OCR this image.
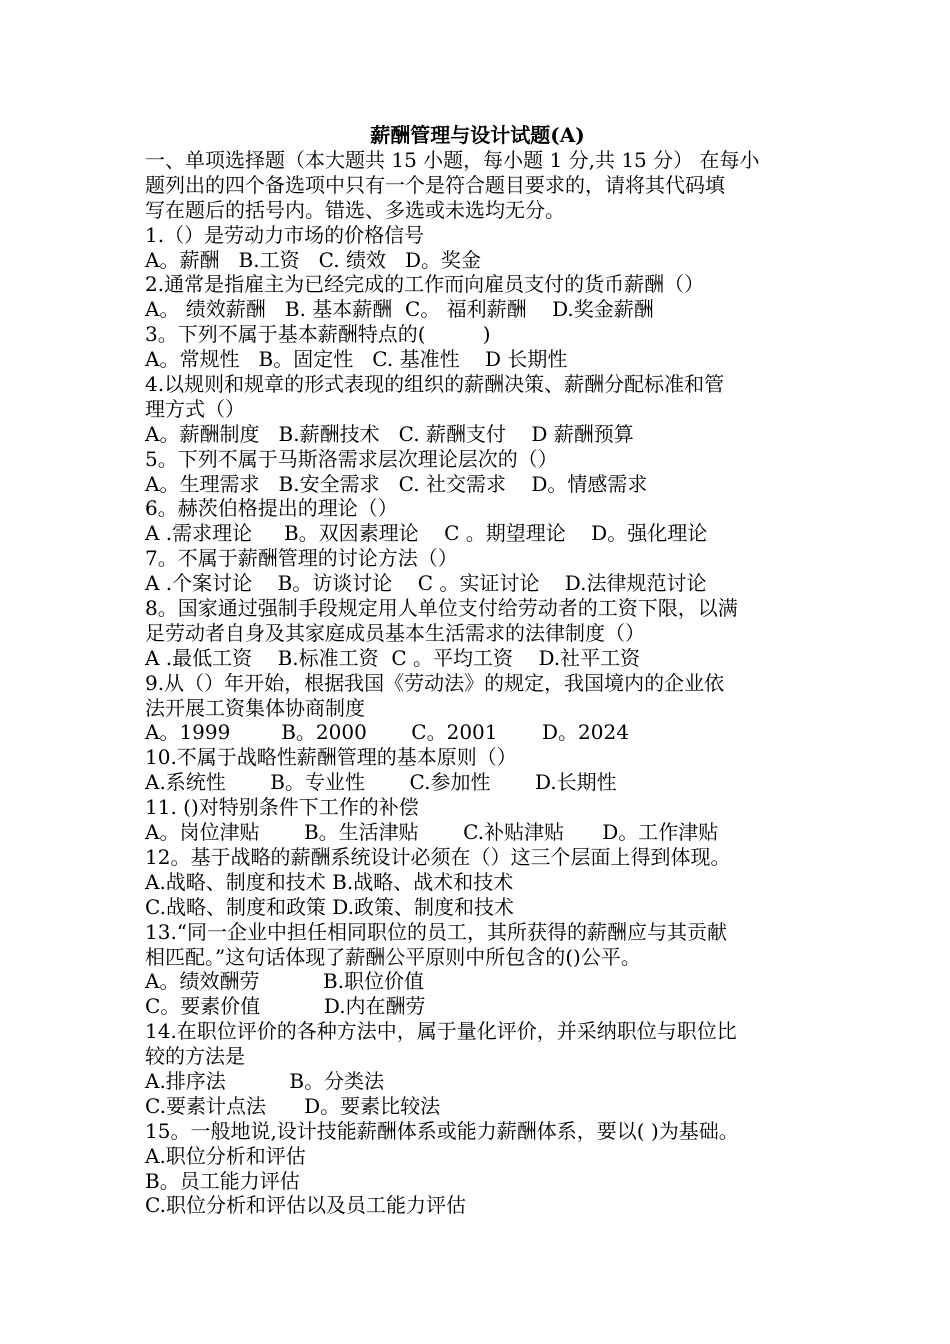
薪酬管理与设计试题(A)
一、单项选择题（本大题共 15 小题，每小题 1 分,共 15 分） 在每小
题列出的四个备选项中只有一个是符合题目要求的，请将其代码填
写在题后的括号内。错选、多选或未选均无分。
1.（）是劳动力市场的价格信号
A。薪酬   B.工资   C. 绩效   D。奖金
2.通常是指雇主为已经完成的工作而向雇员支付的货币薪酬（）
A。 绩效薪酬   B. 基本薪酬  C。 福利薪酬    D.奖金薪酬
3。下列不属于基本薪酬特点的(         )
A。常规性   B。固定性   C. 基准性    D 长期性
4.以规则和规章的形式表现的组织的薪酬决策、薪酬分配标准和管
理方式（）
A。薪酬制度   B.薪酬技术   C. 薪酬支付    D 薪酬预算
5。下列不属于马斯洛需求层次理论层次的（）
A。生理需求   B.安全需求   C. 社交需求    D。情感需求
6。赫茨伯格提出的理论（）
A .需求理论     B。双因素理论    C 。期望理论    D。强化理论
7。不属于薪酬管理的讨论方法（）
A .个案讨论    B。访谈讨论    C 。实证讨论    D.法律规范讨论
8。国家通过强制手段规定用人单位支付给劳动者的工资下限，以满
足劳动者自身及其家庭成员基本生活需求的法律制度（）
A .最低工资    B.标准工资  C 。平均工资    D.社平工资
9.从（）年开始，根据我国《劳动法》的规定，我国境内的企业依
法开展工资集体协商制度
A。1999        B。2000       C。2001       D。2024
10.不属于战略性薪酬管理的基本原则（）
A.系统性       B。专业性       C.参加性       D.长期性
11. ()对特别条件下工作的补偿
A。岗位津贴       B。生活津贴       C.补贴津贴      D。工作津贴
12。基于战略的薪酬系统设计必须在（）这三个层面上得到体现。
A.战略、制度和技术 B.战略、战术和技术
C.战略、制度和政策 D.政策、制度和技术
13.“同一企业中担任相同职位的员工，其所获得的薪酬应与其贡献
相匹配。”这句话体现了薪酬公平原则中所包含的()公平。
A。绩效酬劳          B.职位价值
C。要素价值          D.内在酬劳
14.在职位评价的各种方法中，属于量化评价，并采纳职位与职位比
较的方法是
A.排序法          B。分类法
C.要素计点法      D。要素比较法
15。一般地说,设计技能薪酬体系或能力薪酬体系，要以( )为基础。
A.职位分析和评估
B。员工能力评估
C.职位分析和评估以及员工能力评估
